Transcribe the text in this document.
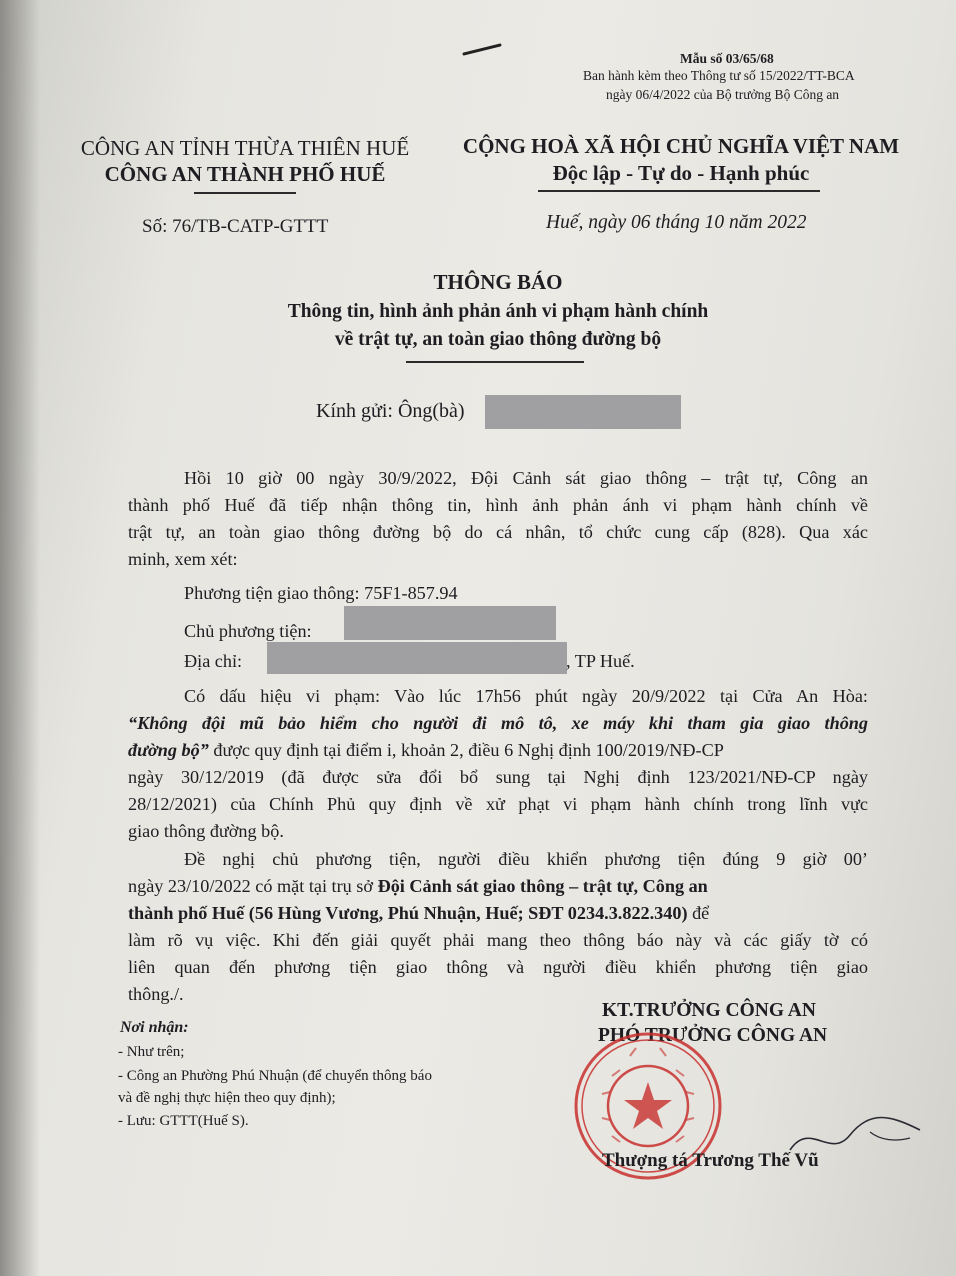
Mẫu số 03/65/68
Ban hành kèm theo Thông tư số 15/2022/TT-BCA
ngày 06/4/2022 của Bộ trưởng Bộ Công an
CÔNG AN TỈNH THỪA THIÊN HUẾ
CÔNG AN THÀNH PHỐ HUẾ
CỘNG HOÀ XÃ HỘI CHỦ NGHĨA VIỆT NAM
Độc lập - Tự do - Hạnh phúc
Số: 76/TB-CATP-GTTT	Huế, ngày 06 tháng 10 năm 2022
THÔNG BÁO
Thông tin, hình ảnh phản ánh vi phạm hành chính
về trật tự, an toàn giao thông đường bộ
Kính gửi: Ông(bà)
Hồi 10 giờ 00 ngày 30/9/2022, Đội Cảnh sát giao thông – trật tự, Công an
thành phố Huế đã tiếp nhận thông tin, hình ảnh phản ánh vi phạm hành chính về
trật tự, an toàn giao thông đường bộ do cá nhân, tổ chức cung cấp (828). Qua xác
minh, xem xét:
Phương tiện giao thông: 75F1-857.94
Chủ phương tiện:
Địa chỉ:	, TP Huế.
Có dấu hiệu vi phạm: Vào lúc 17h56 phút ngày 20/9/2022 tại Cửa An Hòa:
“Không đội mũ bảo hiểm cho người đi mô tô, xe máy khi tham gia giao thông
đường bộ” được quy định tại điểm i, khoản 2, điều 6 Nghị định 100/2019/NĐ-CP
ngày 30/12/2019 (đã được sửa đổi bổ sung tại Nghị định 123/2021/NĐ-CP ngày
28/12/2021) của Chính Phủ quy định về xử phạt vi phạm hành chính trong lĩnh vực
giao thông đường bộ.
Đề nghị chủ phương tiện, người điều khiển phương tiện đúng 9 giờ 00’
ngày 23/10/2022 có mặt tại trụ sở Đội Cảnh sát giao thông – trật tự, Công an
thành phố Huế (56 Hùng Vương, Phú Nhuận, Huế; SĐT 0234.3.822.340) để
làm rõ vụ việc. Khi đến giải quyết phải mang theo thông báo này và các giấy tờ có
liên quan đến phương tiện giao thông và người điều khiển phương tiện giao
thông./.
Nơi nhận:
- Như trên;
- Công an Phường Phú Nhuận (để chuyển thông báo
và đề nghị thực hiện theo quy định);
- Lưu: GTTT(Huế S).
KT.TRƯỞNG CÔNG AN
PHÓ TRƯỞNG CÔNG AN
Thượng tá Trương Thế Vũ
